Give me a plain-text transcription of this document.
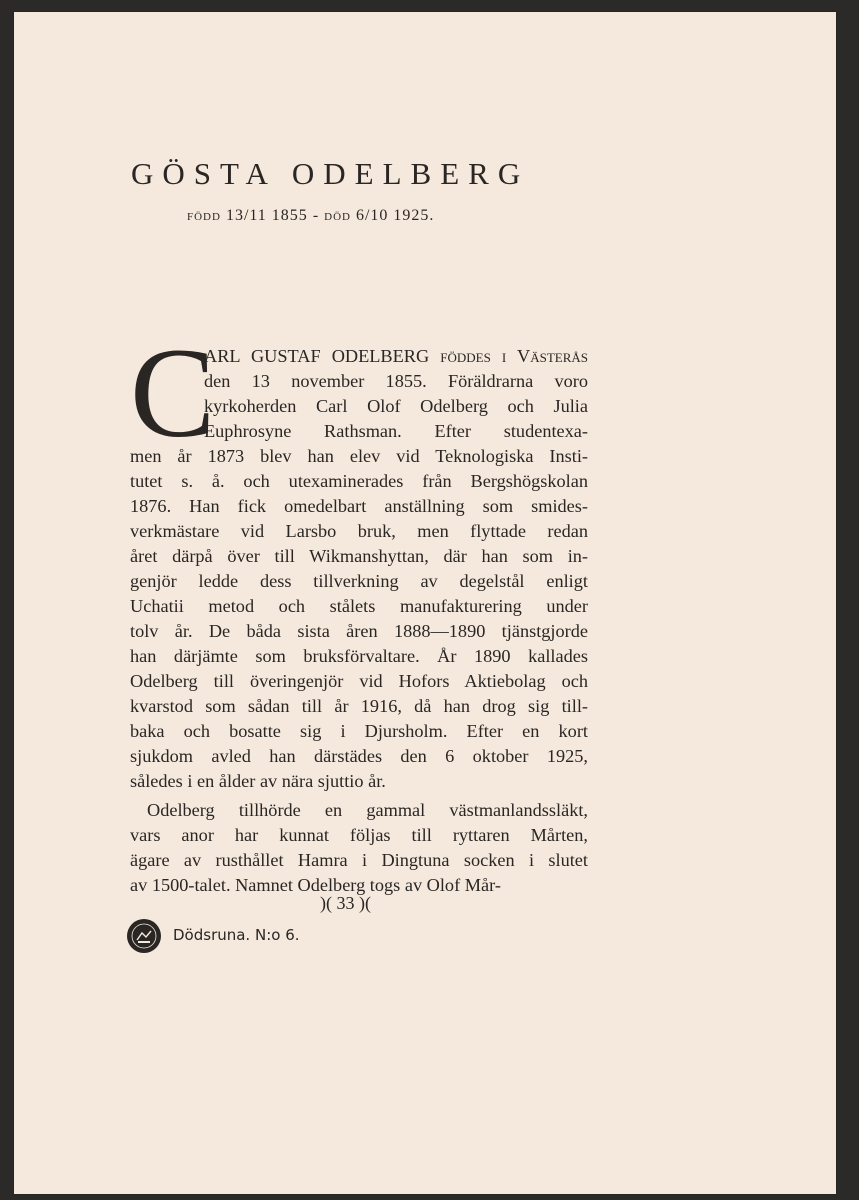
GÖSTA ODELBERG
FÖDD 13/11 1855 - DÖD 6/10 1925.
C
ARL GUSTAF ODELBERG föddes i Västerås
den 13 november 1855. Föräldrarna voro
kyrkoherden Carl Olof Odelberg och Julia
Euphrosyne Rathsman. Efter studentexa-
men år 1873 blev han elev vid Teknologiska Insti-
tutet s. å. och utexaminerades från Bergshögskolan
1876. Han fick omedelbart anställning som smides-
verkmästare vid Larsbo bruk, men flyttade redan
året därpå över till Wikmanshyttan, där han som in-
genjör ledde dess tillverkning av degelstål enligt
Uchatii metod och stålets manufakturering under
tolv år. De båda sista åren 1888—1890 tjänstgjorde
han därjämte som bruksförvaltare. År 1890 kallades
Odelberg till överingenjör vid Hofors Aktiebolag och
kvarstod som sådan till år 1916, då han drog sig till-
baka och bosatte sig i Djursholm. Efter en kort
sjukdom avled han därstädes den 6 oktober 1925,
således i en ålder av nära sjuttio år.
Odelberg tillhörde en gammal västmanlandssläkt,
vars anor har kunnat följas till ryttaren Mårten,
ägare av rusthållet Hamra i Dingtuna socken i slutet
av 1500-talet. Namnet Odelberg togs av Olof Mår-
)( 33 )(
Dödsruna. N:o 6.
